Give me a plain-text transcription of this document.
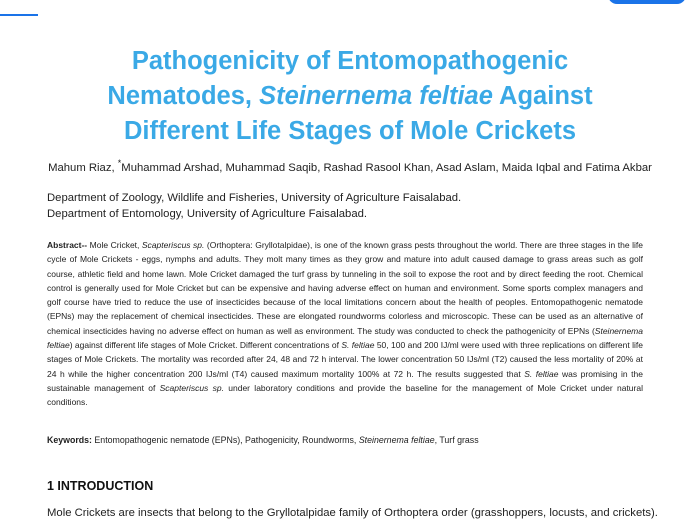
Pathogenicity of Entomopathogenic
Nematodes, Steinernema feltiae Against
Different Life Stages of Mole Crickets
Mahum Riaz, *Muhammad Arshad, Muhammad Saqib, Rashad Rasool Khan, Asad Aslam, Maida Iqbal and Fatima Akbar
Department of Zoology, Wildlife and Fisheries, University of Agriculture Faisalabad.
Department of Entomology, University of Agriculture Faisalabad.

Abstract-- Mole Cricket, Scapteriscus sp. (Orthoptera: Gryllotalpidae), is one of the known grass pests throughout the world. There are three stages in the life cycle of Mole Crickets - eggs, nymphs and adults. They molt many times as they grow and mature into adult caused damage to grass areas such as golf course, athletic field and home lawn. Mole Cricket damaged the turf grass by tunneling in the soil to expose the root and by direct feeding the root. Chemical control is generally used for Mole Cricket but can be expensive and having adverse effect on human and environment. Some sports complex managers and golf course have tried to reduce the use of insecticides because of the local limitations concern about the health of peoples. Entomopathogenic nematode (EPNs) may the replacement of chemical insecticides. These are elongated roundworms colorless and microscopic. These can be used as an alternative of chemical insecticides having no adverse effect on human as well as environment. The study was conducted to check the pathogenicity of EPNs (Steinernema feltiae) against different life stages of Mole Cricket. Different concentrations of S. feltiae 50, 100 and 200 IJ/ml were used with three replications on different life stages of Mole Crickets. The mortality was recorded after 24, 48 and 72 h interval. The lower concentration 50 IJs/ml (T2) caused the less mortality of 20% at 24 h while the higher concentration 200 IJs/ml (T4) caused maximum mortality 100% at 72 h. The results suggested that S. feltiae was promising in the sustainable management of Scapteriscus sp. under laboratory conditions and provide the baseline for the management of Mole Cricket under natural conditions.

Keywords: Entomopathogenic nematode (EPNs), Pathogenicity, Roundworms, Steinernema feltiae, Turf grass

1 INTRODUCTION

Mole Crickets are insects that belong to the Gryllotalpidae family of Orthoptera order (grasshoppers, locusts, and crickets).
